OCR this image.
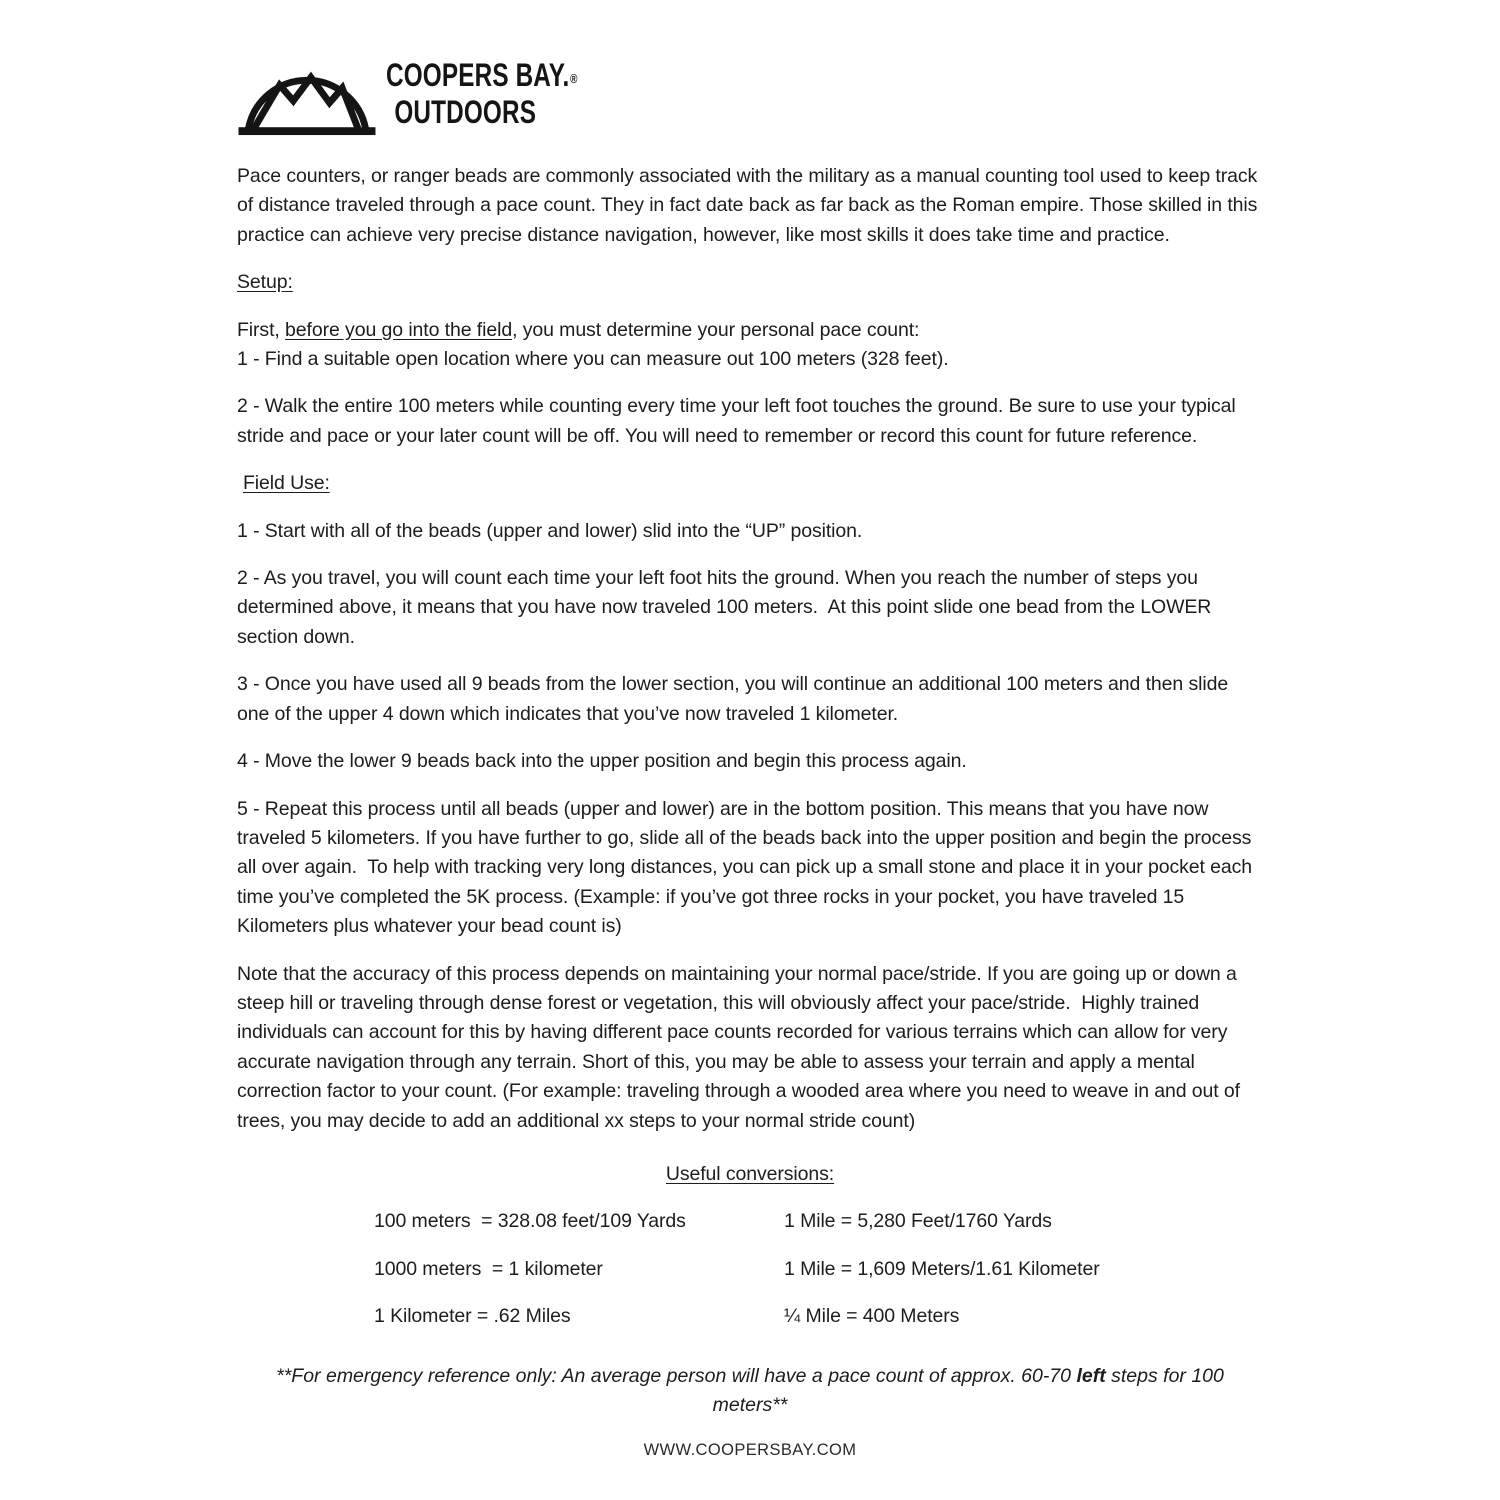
COOPERS BAY.®
OUTDOORS

Pace counters, or ranger beads are commonly associated with the military as a manual counting tool used to keep track of distance traveled through a pace count. They in fact date back as far back as the Roman empire. Those skilled in this practice can achieve very precise distance navigation, however, like most skills it does take time and practice.

Setup:

First, before you go into the field, you must determine your personal pace count:
1 - Find a suitable open location where you can measure out 100 meters (328 feet).

2 - Walk the entire 100 meters while counting every time your left foot touches the ground. Be sure to use your typical stride and pace or your later count will be off. You will need to remember or record this count for future reference.

Field Use:

1 - Start with all of the beads (upper and lower) slid into the “UP” position.

2 - As you travel, you will count each time your left foot hits the ground. When you reach the number of steps you determined above, it means that you have now traveled 100 meters.  At this point slide one bead from the LOWER section down.

3 - Once you have used all 9 beads from the lower section, you will continue an additional 100 meters and then slide one of the upper 4 down which indicates that you’ve now traveled 1 kilometer.

4 - Move the lower 9 beads back into the upper position and begin this process again.

5 - Repeat this process until all beads (upper and lower) are in the bottom position. This means that you have now traveled 5 kilometers. If you have further to go, slide all of the beads back into the upper position and begin the process all over again.  To help with tracking very long distances, you can pick up a small stone and place it in your pocket each time you’ve completed the 5K process. (Example: if you’ve got three rocks in your pocket, you have traveled 15 Kilometers plus whatever your bead count is)

Note that the accuracy of this process depends on maintaining your normal pace/stride. If you are going up or down a steep hill or traveling through dense forest or vegetation, this will obviously affect your pace/stride.  Highly trained individuals can account for this by having different pace counts recorded for various terrains which can allow for very accurate navigation through any terrain. Short of this, you may be able to assess your terrain and apply a mental correction factor to your count. (For example: traveling through a wooded area where you need to weave in and out of trees, you may decide to add an additional xx steps to your normal stride count)

Useful conversions:

100 meters  = 328.08 feet/109 Yards	1 Mile = 5,280 Feet/1760 Yards
1000 meters  = 1 kilometer	1 Mile = 1,609 Meters/1.61 Kilometer
1 Kilometer = .62 Miles	¼ Mile = 400 Meters

**For emergency reference only: An average person will have a pace count of approx. 60-70 left steps for 100 meters**

WWW.COOPERSBAY.COM
